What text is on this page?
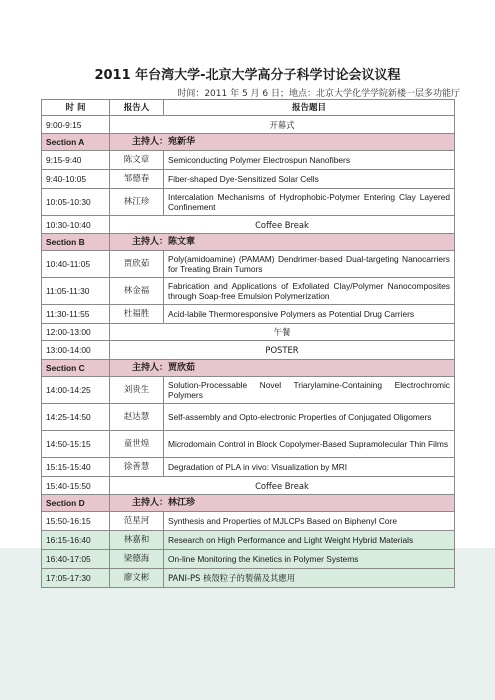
2011 年台湾大学-北京大学高分子科学讨论会议议程
时间：2011 年 5 月 6 日；地点：北京大学化学学院新楼一层多功能厅
时 间	报告人	报告题目
9:00-9:15	开幕式	
Section A	主持人：宛新华	
9:15-9:40	陈文章	Semiconducting Polymer Electrospun Nanofibers
9:40-10:05	邹德春	Fiber-shaped Dye-Sensitized Solar Cells
10:05-10:30	林江珍	Intercalation Mechanisms of Hydrophobic-Polymer Entering Clay Layered Confinement
10:30-10:40	Coffee Break	
Section B	主持人：陈文章	
10:40-11:05	贾欣茹	Poly(amidoamine) (PAMAM) Dendrimer-based Dual-targeting Nanocarriers for Treating Brain Tumors
11:05-11:30	林金福	Fabrication and Applications of Exfoliated Clay/Polymer Nanocomposites through Soap-free Emulsion Polymerization
11:30-11:55	杜福胜	Acid-labile Thermoresponsive Polymers as Potential Drug Carriers
12:00-13:00	午餐	
13:00-14:00	POSTER	
Section C	主持人：贾欣茹	
14:00-14:25	刘贵生	Solution-Processable Novel Triarylamine-Containing Electrochromic Polymers
14:25-14:50	赵达慧	Self-assembly and Opto-electronic Properties of Conjugated Oligomers
14:50-15:15	童世煌	Microdomain Control in Block Copolymer-Based Supramolecular Thin Films
15:15-15:40	徐善慧	Degradation of PLA in vivo: Visualization by MRI
15:40-15:50	Coffee Break	
Section D	主持人：林江珍	
15:50-16:15	范星河	Synthesis and Properties of MJLCPs Based on Biphenyl Core
16:15-16:40	林嘉和	Research on High Performance and Light Weight Hybrid Materials
16:40-17:05	梁德海	On-line Monitoring the Kinetics in Polymer Systems
17:05-17:30	廖文彬	PANI-PS 核殼粒子的製備及其應用
